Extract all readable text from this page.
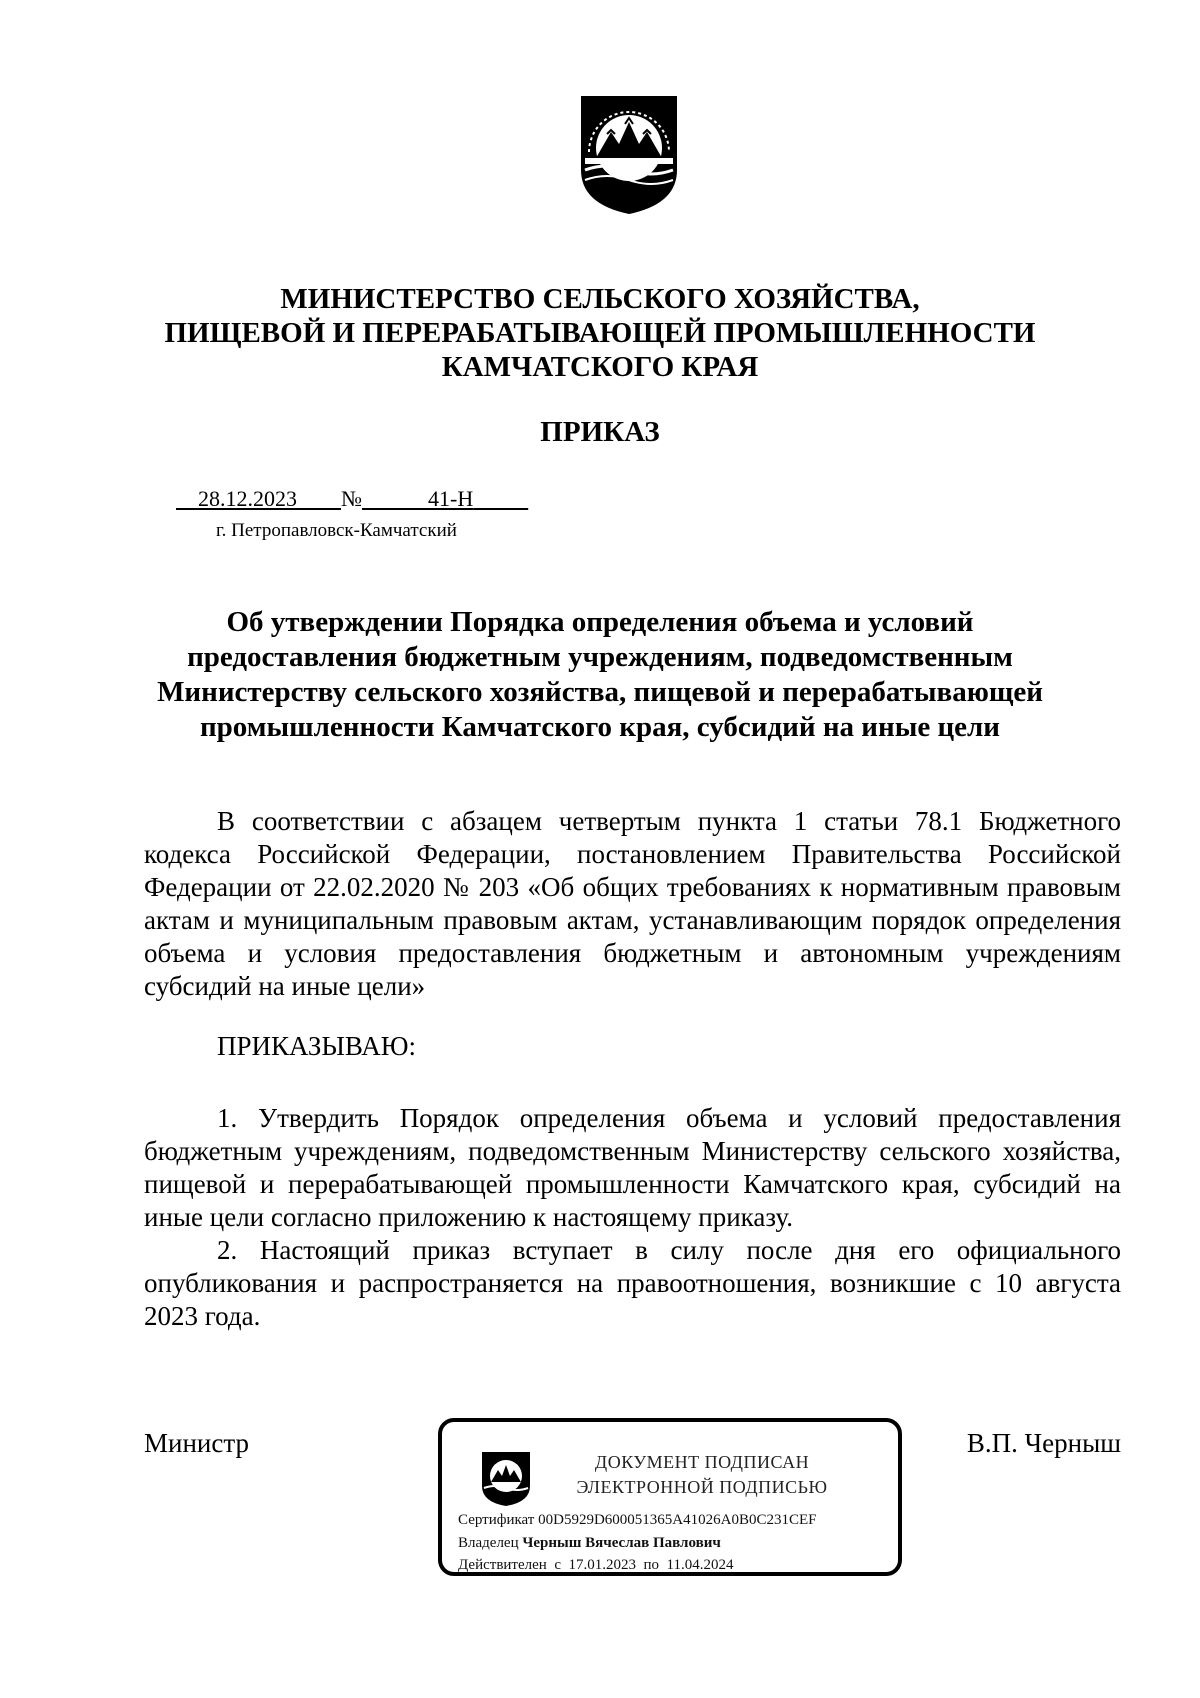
МИНИСТЕРСТВО СЕЛЬСКОГО ХОЗЯЙСТВА,
ПИЩЕВОЙ И ПЕРЕРАБАТЫВАЮЩЕЙ ПРОМЫШЛЕННОСТИ
КАМЧАТСКОГО КРАЯ
ПРИКАЗ
28.12.2023 №	41-Н
г. Петропавловск-Камчатский
Об утверждении Порядка определения объема и условий
предоставления бюджетным учреждениям, подведомственным
Министерству сельского хозяйства, пищевой и перерабатывающей
промышленности Камчатского края, субсидий на иные цели

В соответствии с абзацем четвертым пункта 1 статьи 78.1 Бюджетного кодекса Российской Федерации, постановлением Правительства Российской Федерации от 22.02.2020 № 203 «Об общих требованиях к нормативным правовым актам и муниципальным правовым актам, устанавливающим порядок определения объема и условия предоставления бюджетным и автономным учреждениям субсидий на иные цели»

ПРИКАЗЫВАЮ:

1. Утвердить Порядок определения объема и условий предоставления бюджетным учреждениям, подведомственным Министерству сельского хозяйства, пищевой и перерабатывающей промышленности Камчатского края, субсидий на иные цели согласно приложению к настоящему приказу.

2. Настоящий приказ вступает в силу после дня его официального опубликования и распространяется на правоотношения, возникшие с 10 августа 2023 года.

Министр	В.П. Черныш
ДОКУМЕНТ ПОДПИСАН
ЭЛЕКТРОННОЙ ПОДПИСЬЮ
Сертификат 00D5929D600051365A41026A0B0C231CEF
Владелец Черныш Вячеслав Павлович
Действителен с 17.01.2023 по 11.04.2024
